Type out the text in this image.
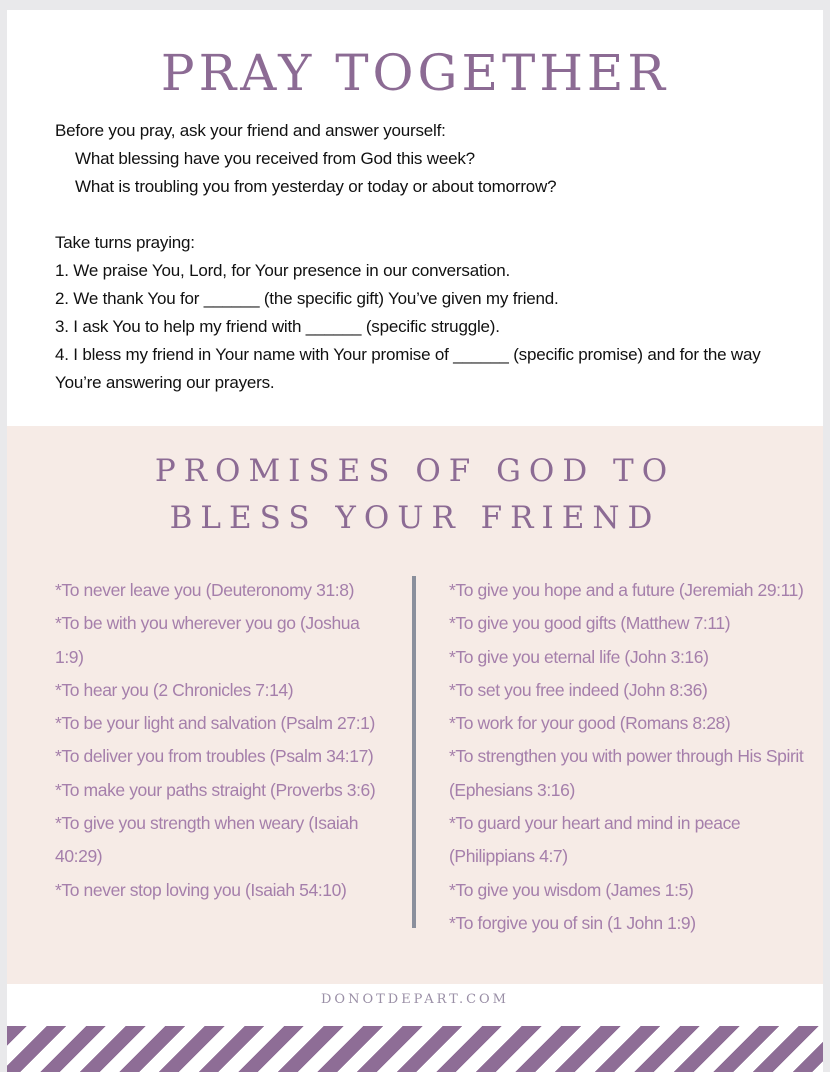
PRAY TOGETHER
Before you pray, ask your friend and answer yourself:
What blessing have you received from God this week?
What is troubling you from yesterday or today or about tomorrow?
Take turns praying:
1. We praise You, Lord, for Your presence in our conversation.
2. We thank You for ______ (the specific gift) You’ve given my friend.
3. I ask You to help my friend with ______ (specific struggle).
4. I bless my friend in Your name with Your promise of ______ (specific promise) and for the way You’re answering our prayers.
PROMISES OF GOD TO
BLESS YOUR FRIEND

*To never leave you (Deuteronomy 31:8)

*To be with you wherever you go (Joshua 1:9)

*To hear you (2 Chronicles 7:14)

*To be your light and salvation (Psalm 27:1)

*To deliver you from troubles (Psalm 34:17)

*To make your paths straight (Proverbs 3:6)

*To give you strength when weary (Isaiah 40:29)

*To never stop loving you (Isaiah 54:10)

*To give you hope and a future (Jeremiah 29:11)

*To give you good gifts (Matthew 7:11)

*To give you eternal life (John 3:16)

*To set you free indeed (John 8:36)

*To work for your good (Romans 8:28)

*To strengthen you with power through His Spirit (Ephesians 3:16)

*To guard your heart and mind in peace (Philippians 4:7)

*To give you wisdom (James 1:5)

*To forgive you of sin (1 John 1:9)

DONOTDEPART.COM
